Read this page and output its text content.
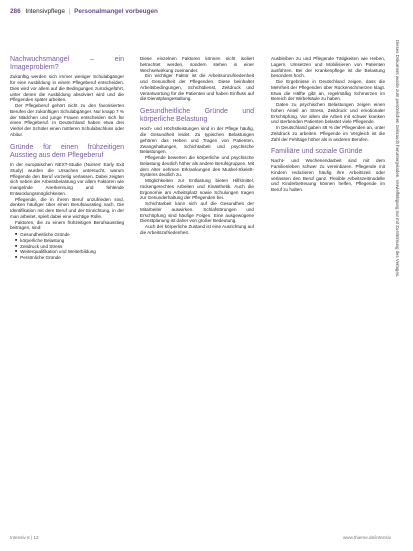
286 Intensivpflege | Personalmangel vorbeugen
Nachwuchsmangel – ein Imageproblem?

Zukünftig werden sich immer weniger Schulabgänger für eine Ausbildung in einem Pflegeberuf entscheiden. Dies wird vor allem auf die Bedingungen zurückgeführt, unter denen die Ausbildung absolviert wird und die Pflegenden später arbeiten.

Der Pflegeberuf gehört nicht zu den favorisierten Berufen der zukünftigen Schulabgänger. Nur knapp 7 % der Mädchen und junge Frauen entscheiden sich für einen Pflegeberuf. In Deutschland haben etwa drei Viertel der Schüler einen mittleren Schulabschluss oder Abitur.

Gründe für einen frühzeitigen Ausstieg aus dem Pflegeberuf

In der europäischen NEXT-Studie (Nurses’ Early Exit Study) wurden die Ursachen untersucht, warum Pflegende den Beruf vorzeitig verlassen. Dabei zeigten sich neben der Arbeitsbelastung vor allem Faktoren wie mangelnde Anerkennung und fehlende Entwicklungsmöglichkeiten.

Pflegende, die in ihrem Beruf unzufrieden sind, denken häufiger über einen Berufsausstieg nach. Die Identifikation mit dem Beruf und der Einrichtung, in der man arbeitet, spielt dabei eine wichtige Rolle.

Faktoren, die zu einem frühzeitigen Berufsausstieg beitragen, sind:

■ Gesundheitliche Gründe
■ körperliche Belastung
■ Zeitdruck und Stress
■ Weiterqualifikation und Weiterbildung
■ Persönliche Gründe

Diese einzelnen Faktoren können nicht isoliert betrachtet werden, sondern stehen in einer Wechselwirkung zueinander.

Ein wichtiger Faktor ist die Arbeitsunzufriedenheit und Gesundheit der Pflegenden. Diese beinhaltet Arbeitsbedingungen, Schichtdienst, Zeitdruck und Verantwortung für die Patienten und haben Einfluss auf die Dienstplangestaltung.

Gesundheitliche Gründe und körperliche Belastung

Hoch- und Höchstleistungen sind in der Pflege häufig, die Gesundheit leidet. Zu typischen Belastungen gehören das Heben und Tragen von Patienten, Zwangshaltungen, Schichtarbeit und psychische Belastungen.

Pflegende bewerten die körperliche und psychische Belastung deutlich höher als andere Berufsgruppen. Mit dem Alter nehmen Erkrankungen des Muskel-Skelett-Systems deutlich zu.

Möglichkeiten zur Entlastung bieten Hilfsmittel, rückengerechtes Arbeiten und Kinästhetik. Auch die Ergonomie am Arbeitsplatz sowie Schulungen tragen zur Gesunderhaltung der Pflegenden bei.

Schichtarbeit kann sich auf die Gesundheit der Mitarbeiter auswirken. Schlafstörungen und Erschöpfung sind häufige Folgen. Eine ausgewogene Dienstplanung ist daher von großer Bedeutung.

Auch der körperliche Zustand ist eine Ausrichtung auf die Arbeitszufriedenheit.

Ausbleiben zu und Pflegende Tätigkeiten wie Heben, Lagern, Umsetzen und Mobilisieren von Patienten ausführen. Bei der Krankenpflege ist die Belastung besonders hoch.

Die Ergebnisse in Deutschland zeigen, dass die Mehrheit der Pflegenden über Rückenschmerzen klagt. Etwa die Hälfte gibt an, regelmäßig Schmerzen im Bereich der Wirbelsäule zu haben.

Daten zu psychischen Belastungen zeigen einen hohen Anteil an Stress, Zeitdruck und emotionaler Erschöpfung. Vor allem die Arbeit mit schwer kranken und sterbenden Patienten belastet viele Pflegende.

In Deutschland gaben 48 % der Pflegenden an, unter Zeitdruck zu arbeiten. Pflegende im Vergleich ist die Zahl der Fehltage höher als in anderen Berufen.

Familiäre und soziale Gründe

Nacht- und Wochenendarbeit sind mit dem Familienleben schwer zu vereinbaren. Pflegende mit Kindern reduzieren häufig ihre Arbeitszeit oder verlassen den Beruf ganz. Flexible Arbeitszeitmodelle und Kinderbetreuung können helfen, Pflegende im Beruf zu halten.

Intensiv 6 | 13	www.thieme.de/intensiv
Dieses Dokument wurde zum persönlichen Gebrauch heruntergeladen. Vervielfältigung nur mit Zustimmung des Verlages.
